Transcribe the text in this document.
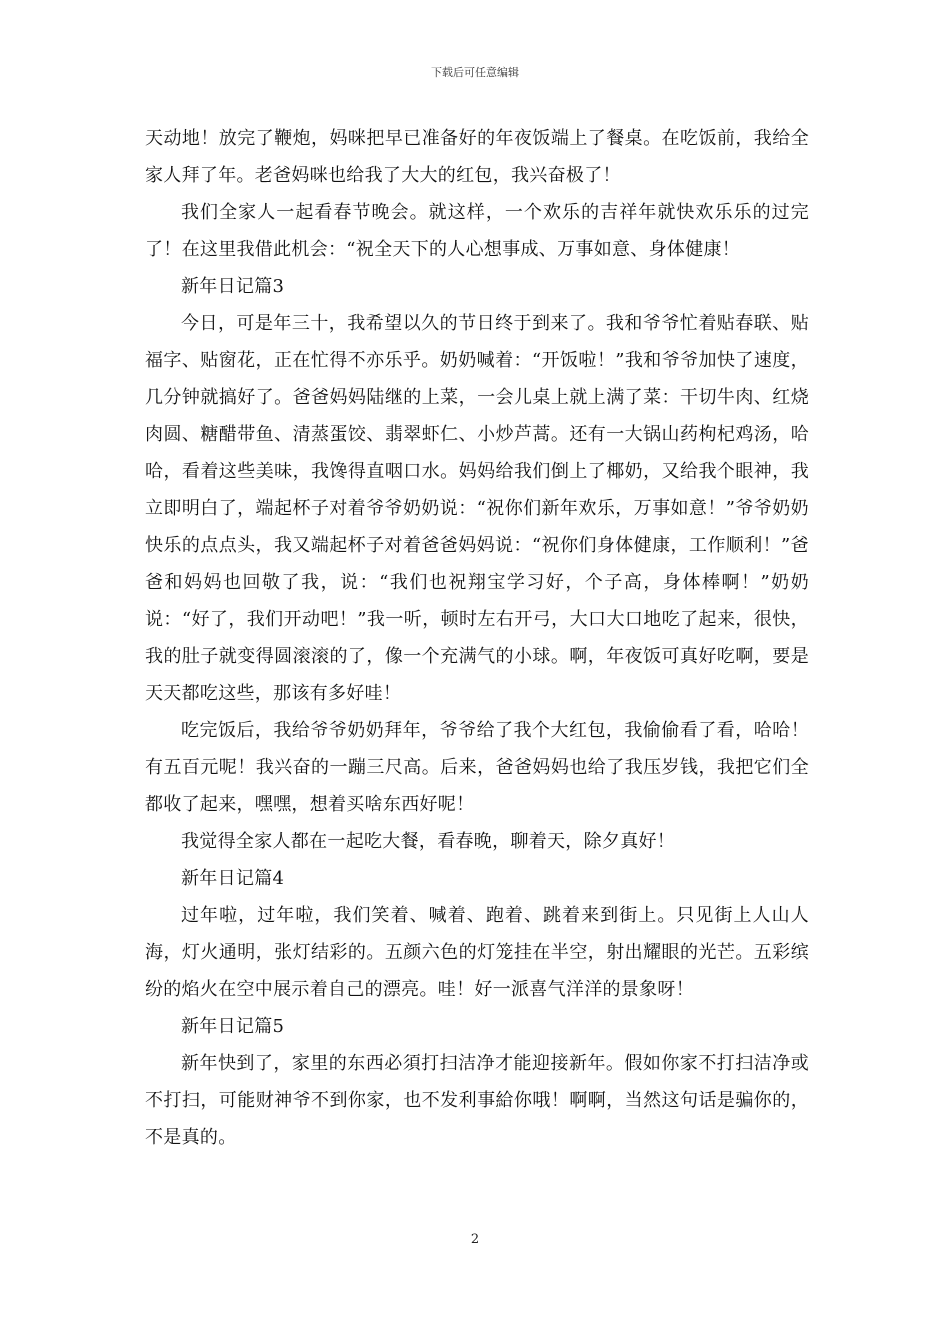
下载后可任意编辑

天动地！放完了鞭炮，妈咪把早已准备好的年夜饭端上了餐桌。在吃饭前，我给全家人拜了年。老爸妈咪也给我了大大的红包，我兴奋极了！

我们全家人一起看春节晚会。就这样，一个欢乐的吉祥年就快欢乐乐的过完了！在这里我借此机会：“祝全天下的人心想事成、万事如意、身体健康！

新年日记篇3

今日，可是年三十，我希望以久的节日终于到来了。我和爷爷忙着贴春联、贴福字、贴窗花，正在忙得不亦乐乎。奶奶喊着：“开饭啦！”我和爷爷加快了速度，几分钟就搞好了。爸爸妈妈陆继的上菜，一会儿桌上就上满了菜：干切牛肉、红烧肉圆、糖醋带鱼、清蒸蛋饺、翡翠虾仁、小炒芦蒿。还有一大锅山药枸杞鸡汤，哈哈，看着这些美味，我馋得直咽口水。妈妈给我们倒上了椰奶，又给我个眼神，我立即明白了，端起杯子对着爷爷奶奶说：“祝你们新年欢乐，万事如意！”爷爷奶奶快乐的点点头，我又端起杯子对着爸爸妈妈说：“祝你们身体健康，工作顺利！”爸爸和妈妈也回敬了我，说：“我们也祝翔宝学习好，个子高，身体棒啊！”奶奶说：“好了，我们开动吧！”我一听，顿时左右开弓，大口大口地吃了起来，很快，我的肚子就变得圆滚滚的了，像一个充满气的小球。啊，年夜饭可真好吃啊，要是天天都吃这些，那该有多好哇！

吃完饭后，我给爷爷奶奶拜年，爷爷给了我个大红包，我偷偷看了看，哈哈！有五百元呢！我兴奋的一蹦三尺高。后来，爸爸妈妈也给了我压岁钱，我把它们全都收了起来，嘿嘿，想着买啥东西好呢！

我觉得全家人都在一起吃大餐，看春晚，聊着天，除夕真好！

新年日记篇4

过年啦，过年啦，我们笑着、喊着、跑着、跳着来到街上。只见街上人山人海，灯火通明，张灯结彩的。五颜六色的灯笼挂在半空，射出耀眼的光芒。五彩缤纷的焰火在空中展示着自己的漂亮。哇！好一派喜气洋洋的景象呀！

新年日记篇5

新年快到了，家里的东西必須打扫洁净才能迎接新年。假如你家不打扫洁净或不打扫，可能财神爷不到你家，也不发利事給你哦！啊啊，当然这句话是骗你的，不是真的。

2
